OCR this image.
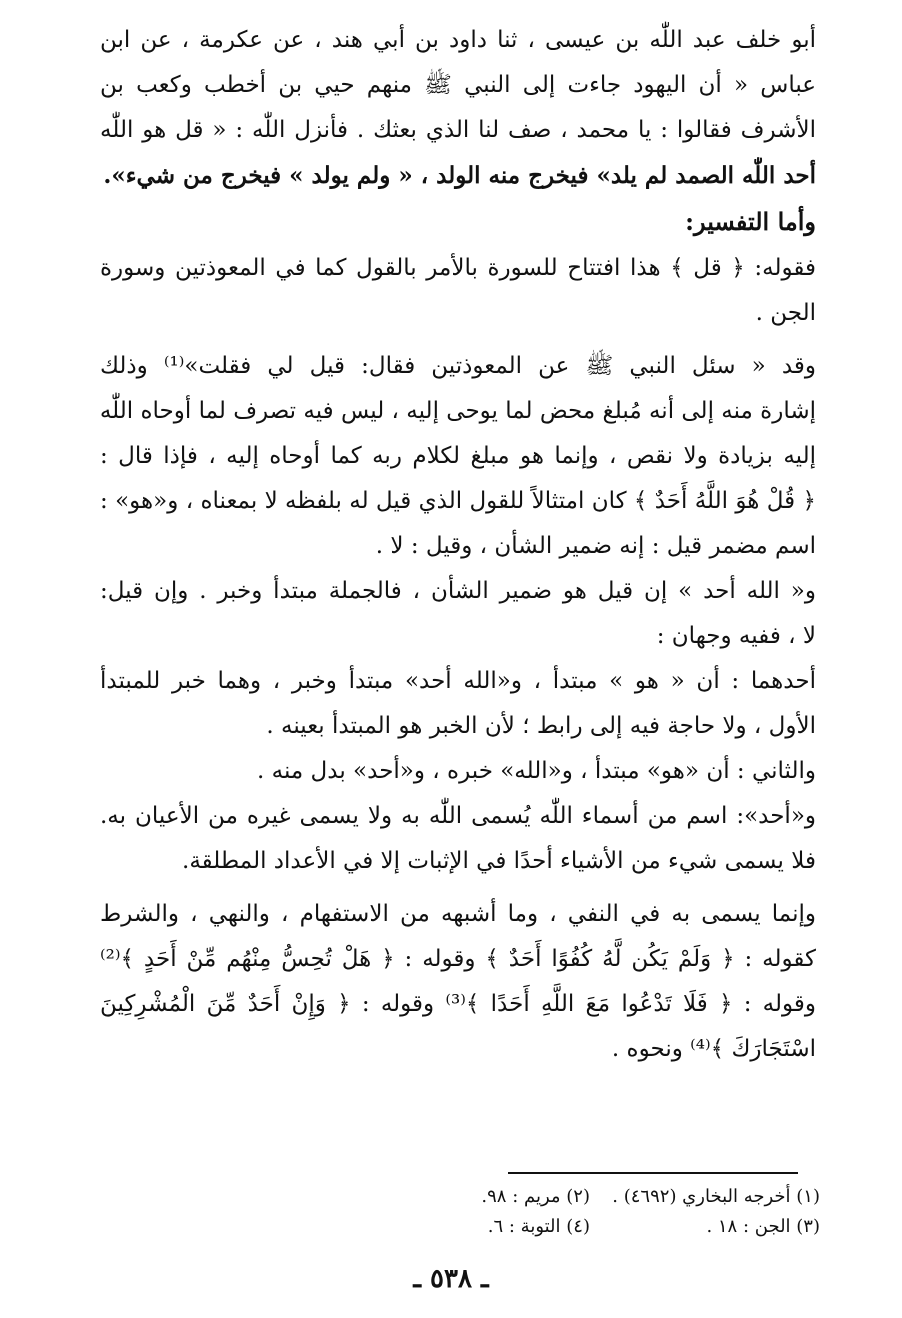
أبو خلف عبد اللّٰه بن عيسى ، ثنا داود بن أبي هند ، عن عكرمة ، عن ابن
عباس « أن اليهود جاءت إلى النبي ﷺ منهم حيي بن أخطب وكعب بن
الأشرف فقالوا : يا محمد ، صف لنا الذي بعثك . فأنزل اللّٰه : « قل هو اللّٰه
أحد اللّٰه الصمد لم يلد» فيخرج منه الولد ، « ولم يولد » فيخرج من شيء».
وأما التفسير:
فقوله: ﴿ قل ﴾ هذا افتتاح للسورة بالأمر بالقول كما في المعوذتين وسورة
الجن .
وقد « سئل النبي ﷺ عن المعوذتين فقال: قيل لي فقلت»⁽¹⁾ وذلك
إشارة منه إلى أنه مُبلغ محض لما يوحى إليه ، ليس فيه تصرف لما أوحاه اللّٰه
إليه بزيادة ولا نقص ، وإنما هو مبلغ لكلام ربه كما أوحاه إليه ، فإذا قال :
﴿ قُلْ هُوَ اللَّهُ أَحَدٌ ﴾ كان امتثالاً للقول الذي قيل له بلفظه لا بمعناه ، و«هو» :
اسم مضمر قيل : إنه ضمير الشأن ، وقيل : لا .
و« الله أحد » إن قيل هو ضمير الشأن ، فالجملة مبتدأ وخبر . وإن قيل:
لا ، ففيه وجهان :
أحدهما : أن « هو » مبتدأ ، و«الله أحد» مبتدأ وخبر ، وهما خبر للمبتدأ
الأول ، ولا حاجة فيه إلى رابط ؛ لأن الخبر هو المبتدأ بعينه .
والثاني : أن «هو» مبتدأ ، و«الله» خبره ، و«أحد» بدل منه .
و«أحد»: اسم من أسماء اللّٰه يُسمى اللّٰه به ولا يسمى غيره من الأعيان به.
فلا يسمى شيء من الأشياء أحدًا في الإثبات إلا في الأعداد المطلقة.
وإنما يسمى به في النفي ، وما أشبهه من الاستفهام ، والنهي ، والشرط
كقوله : ﴿ وَلَمْ يَكُن لَّهُ كُفُوًا أَحَدٌ ﴾ وقوله : ﴿ هَلْ تُحِسُّ مِنْهُم مِّنْ أَحَدٍ ﴾⁽²⁾
وقوله : ﴿ فَلَا تَدْعُوا مَعَ اللَّهِ أَحَدًا ﴾⁽³⁾ وقوله : ﴿ وَإِنْ أَحَدٌ مِّنَ الْمُشْرِكِينَ
اسْتَجَارَكَ ﴾⁽⁴⁾ ونحوه .
(١) أخرجه البخاري (٤٦٩٢) .
(٢) مريم : ٩٨.
(٣) الجن : ١٨ .
(٤) التوبة : ٦.
ـ ٥٣٨ ـ
